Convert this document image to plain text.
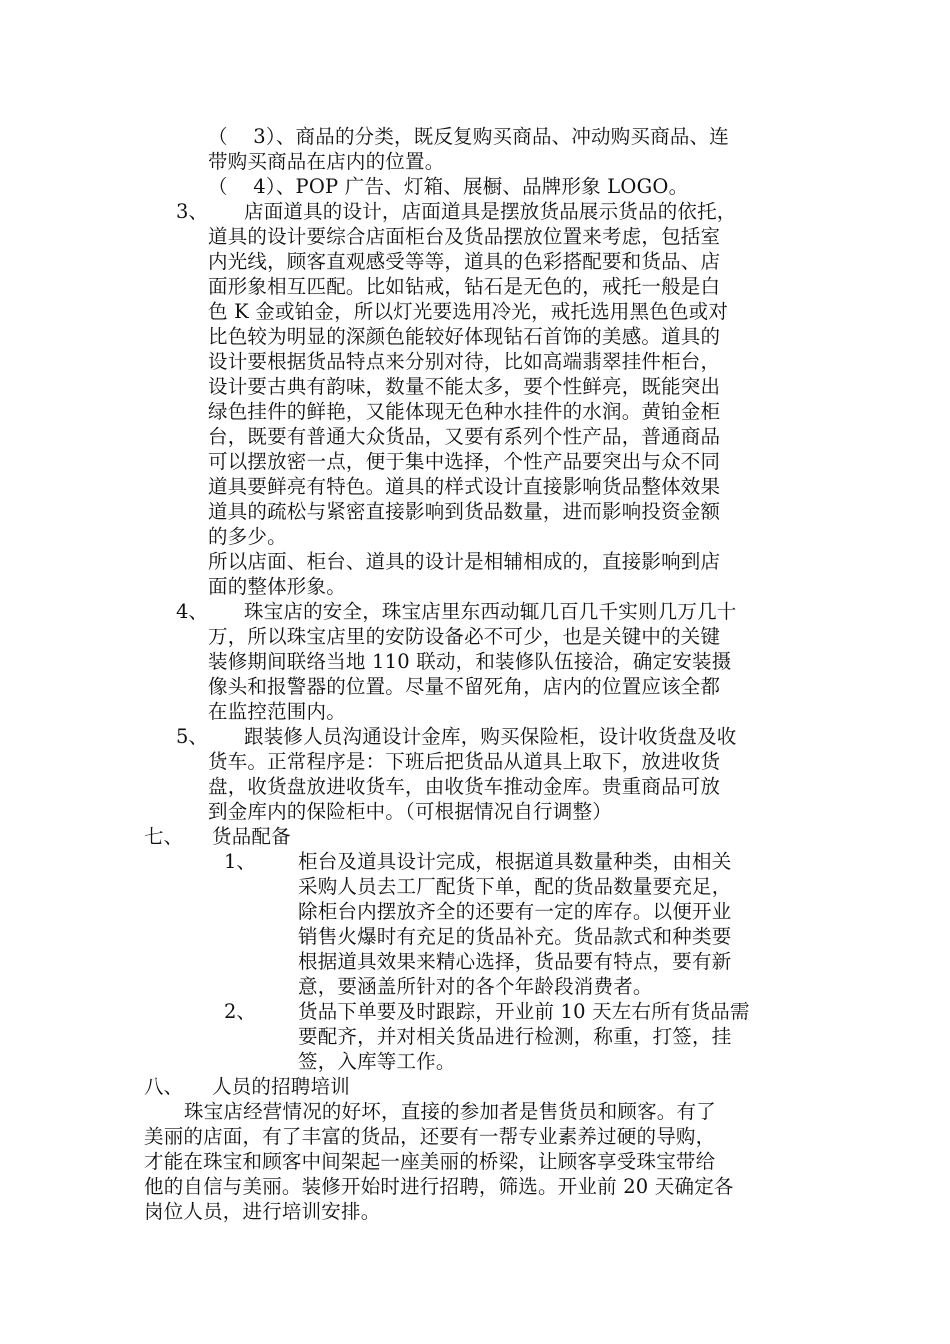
（    3）、商品的分类，既反复购买商品、冲动购买商品、连
带购买商品在店内的位置。
（    4）、POP 广告、灯箱、展橱、品牌形象 LOGO。
3、 店面道具的设计，店面道具是摆放货品展示货品的依托，
道具的设计要综合店面柜台及货品摆放位置来考虑，包括室
内光线，顾客直观感受等等，道具的色彩搭配要和货品、店
面形象相互匹配。比如钻戒，钻石是无色的，戒托一般是白
色 K 金或铂金，所以灯光要选用冷光，戒托选用黑色色或对
比色较为明显的深颜色能较好体现钻石首饰的美感。道具的
设计要根据货品特点来分别对待，比如高端翡翠挂件柜台，
设计要古典有韵味，数量不能太多，要个性鲜亮，既能突出
绿色挂件的鲜艳，又能体现无色种水挂件的水润。黄铂金柜
台，既要有普通大众货品，又要有系列个性产品，普通商品
可以摆放密一点，便于集中选择，个性产品要突出与众不同
道具要鲜亮有特色。道具的样式设计直接影响货品整体效果
道具的疏松与紧密直接影响到货品数量，进而影响投资金额
的多少。
所以店面、柜台、道具的设计是相辅相成的，直接影响到店
面的整体形象。
4、 珠宝店的安全，珠宝店里东西动辄几百几千实则几万几十
万，所以珠宝店里的安防设备必不可少，也是关键中的关键
装修期间联络当地 110 联动，和装修队伍接洽，确定安装摄
像头和报警器的位置。尽量不留死角，店内的位置应该全都
在监控范围内。
5、 跟装修人员沟通设计金库，购买保险柜，设计收货盘及收
货车。正常程序是：下班后把货品从道具上取下，放进收货
盘，收货盘放进收货车，由收货车推动金库。贵重商品可放
到金库内的保险柜中。（可根据情况自行调整）
七、 货品配备
1、 柜台及道具设计完成，根据道具数量种类，由相关
采购人员去工厂配货下单，配的货品数量要充足，
除柜台内摆放齐全的还要有一定的库存。以便开业
销售火爆时有充足的货品补充。货品款式和种类要
根据道具效果来精心选择，货品要有特点，要有新
意，要涵盖所针对的各个年龄段消费者。
2、 货品下单要及时跟踪，开业前 10 天左右所有货品需
要配齐，并对相关货品进行检测，称重，打签，挂
签，入库等工作。
八、 人员的招聘培训
珠宝店经营情况的好坏，直接的参加者是售货员和顾客。有了
美丽的店面，有了丰富的货品，还要有一帮专业素养过硬的导购，
才能在珠宝和顾客中间架起一座美丽的桥梁，让顾客享受珠宝带给
他的自信与美丽。装修开始时进行招聘，筛选。开业前 20 天确定各
岗位人员，进行培训安排。
